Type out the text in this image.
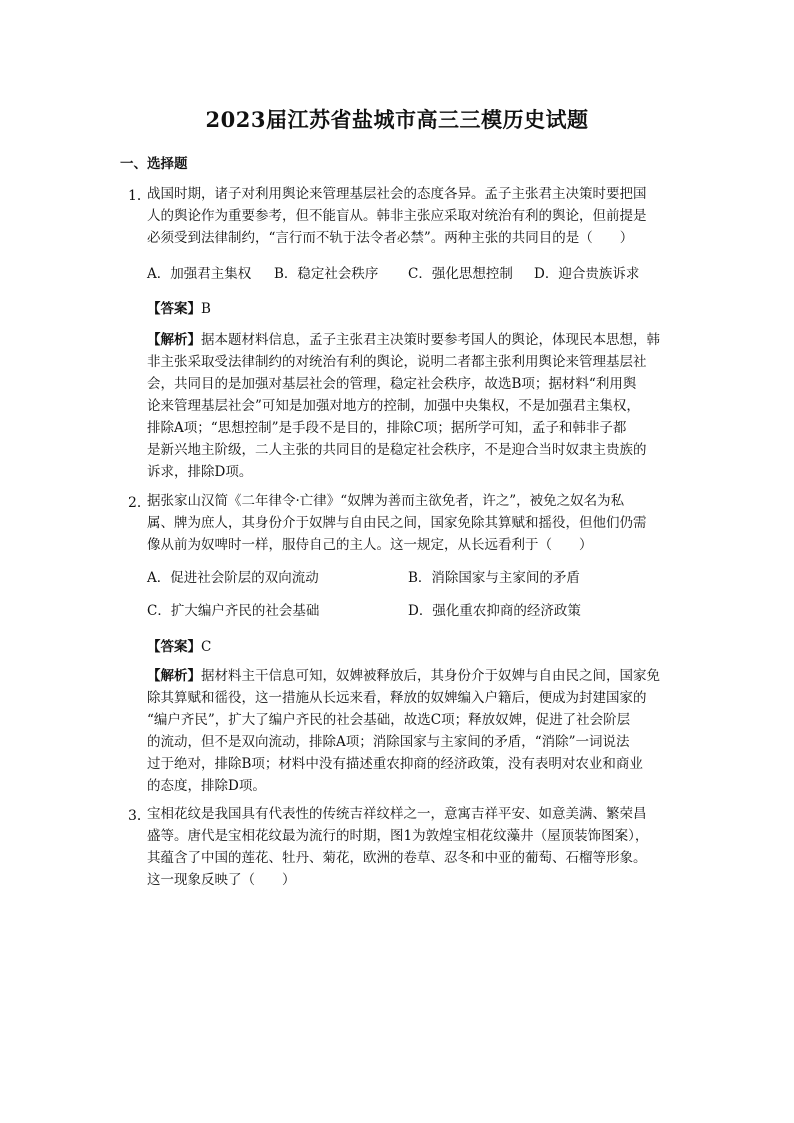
2023届江苏省盐城市高三三模历史试题
一、选择题
1．
战国时期，诸子对利用舆论来管理基层社会的态度各异。孟子主张君主决策时要把国
人的舆论作为重要参考，但不能盲从。韩非主张应采取对统治有利的舆论，但前提是
必须受到法律制约，“言行而不轨于法令者必禁”。两种主张的共同目的是（　　）
A．加强君主集权 B．稳定社会秩序 C．强化思想控制 D．迎合贵族诉求
【答案】B
【解析】据本题材料信息，孟子主张君主决策时要参考国人的舆论，体现民本思想，韩
非主张采取受法律制约的对统治有利的舆论，说明二者都主张利用舆论来管理基层社
会，共同目的是加强对基层社会的管理，稳定社会秩序，故选B项；据材料“利用舆
论来管理基层社会”可知是加强对地方的控制，加强中央集权，不是加强君主集权，
排除A项；“思想控制”是手段不是目的，排除C项；据所学可知，孟子和韩非子都
是新兴地主阶级，二人主张的共同目的是稳定社会秩序，不是迎合当时奴隶主贵族的
诉求，排除D项。
2．
据张家山汉简《二年律令·亡律》“奴牌为善而主欲免者，许之”，被免之奴名为私
属、牌为庶人，其身份介于奴牌与自由民之间，国家免除其算赋和摇役，但他们仍需
像从前为奴啤时一样，服侍自己的主人。这一规定，从长远看利于（　　）
A．促进社会阶层的双向流动	B．消除国家与主家间的矛盾
C．扩大编户齐民的社会基础	D．强化重农抑商的经济政策
【答案】C
【解析】据材料主干信息可知，奴婢被释放后，其身份介于奴婢与自由民之间，国家免
除其算赋和徭役，这一措施从长远来看，释放的奴婢编入户籍后，便成为封建国家的
“编户齐民”，扩大了编户齐民的社会基础，故选C项；释放奴婢，促进了社会阶层
的流动，但不是双向流动，排除A项；消除国家与主家间的矛盾，“消除”一词说法
过于绝对，排除B项；材料中没有描述重农抑商的经济政策，没有表明对农业和商业
的态度，排除D项。
3．
宝相花纹是我国具有代表性的传统吉祥纹样之一，意寓吉祥平安、如意美满、繁荣昌
盛等。唐代是宝相花纹最为流行的时期，图1为敦煌宝相花纹藻井（屋顶装饰图案），
其蕴含了中国的莲花、牡丹、菊花，欧洲的卷草、忍冬和中亚的葡萄、石榴等形象。
这一现象反映了（　　）
